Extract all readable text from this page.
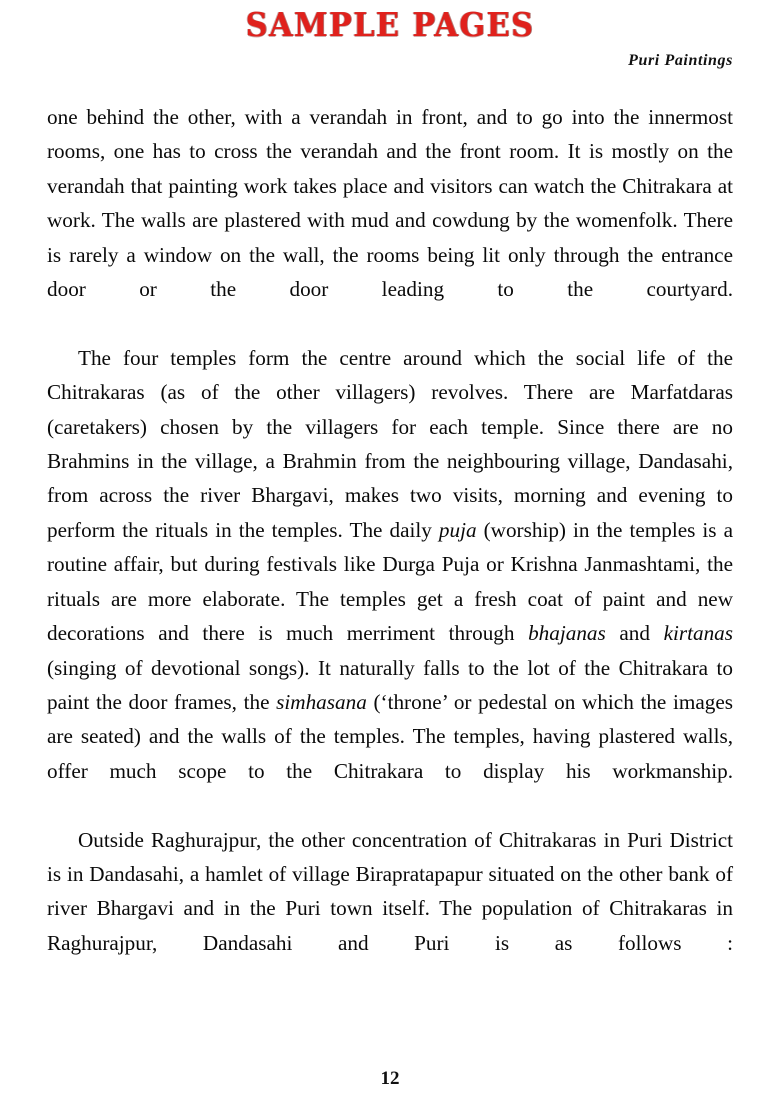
SAMPLE PAGES
Puri Paintings

one behind the other, with a verandah in front, and to go into the innermost rooms, one has to cross the verandah and the front room. It is mostly on the verandah that painting work takes place and visitors can watch the Chitrakara at work. The walls are plastered with mud and cowdung by the womenfolk. There is rarely a window on the wall, the rooms being lit only through the entrance door or the door leading to the courtyard.

The four temples form the centre around which the social life of the Chitrakaras (as of the other villagers) revolves. There are Marfatdaras (caretakers) chosen by the villagers for each temple. Since there are no Brahmins in the village, a Brahmin from the neighbouring village, Dandasahi, from across the river Bhargavi, makes two visits, morning and evening to perform the rituals in the temples. The daily puja (worship) in the temples is a routine affair, but during festivals like Durga Puja or Krishna Janmashtami, the rituals are more elaborate. The temples get a fresh coat of paint and new decorations and there is much merriment through bhajanas and kirtanas (singing of devotional songs). It naturally falls to the lot of the Chitrakara to paint the door frames, the simhasana (‘throne’ or pedestal on which the images are seated) and the walls of the temples. The temples, having plastered walls, offer much scope to the Chitrakara to display his workmanship.

Outside Raghurajpur, the other concentration of Chitrakaras in Puri District is in Dandasahi, a hamlet of village Birapratapapur situated on the other bank of river Bhargavi and in the Puri town itself. The population of Chitrakaras in Raghurajpur, Dandasahi and Puri is as follows :

12
